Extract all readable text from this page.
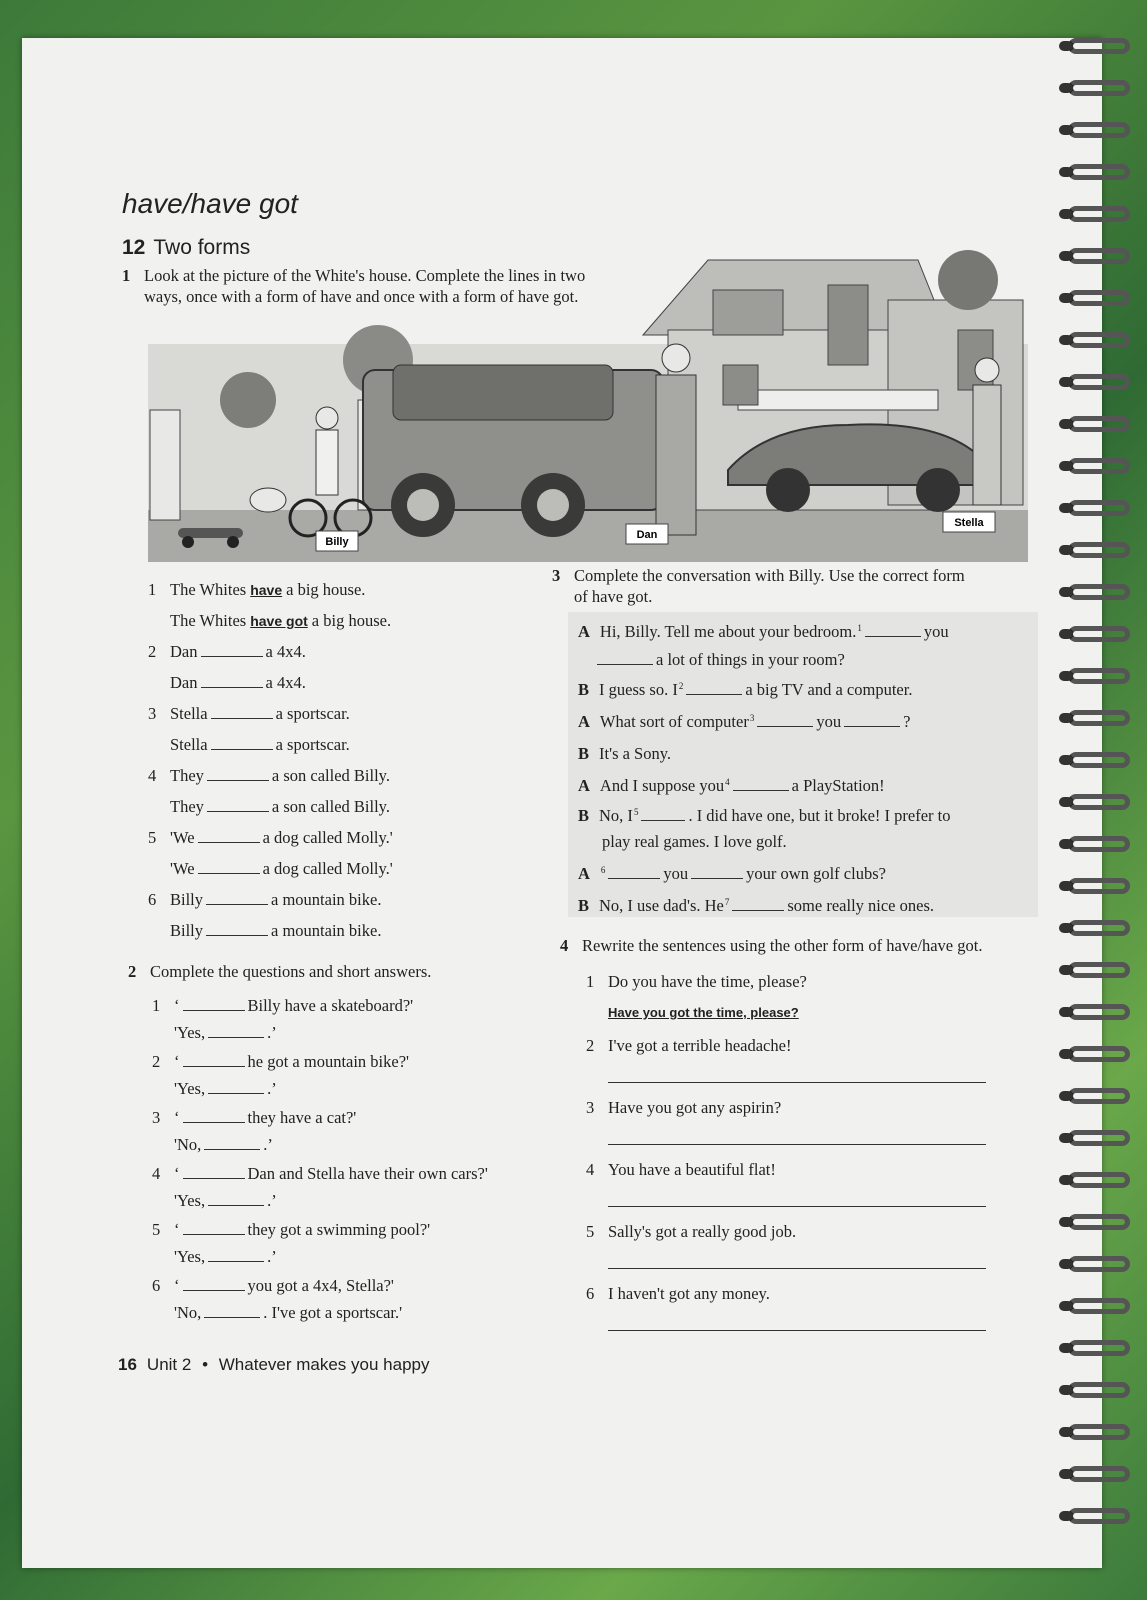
have/have got
12 Two forms
1 Look at the picture of the White's house. Complete the lines in two
ways, once with a form of have and once with a form of have got.
Billy
Dan
Stella
1 The Whites have a big house.
The Whites have got a big house.
2 Dan	a 4x4.
Dan	a 4x4.
3 Stella	a sportscar.
Stella	a sportscar.
4 They	a son called Billy.
They	a son called Billy.
5 'We	a dog called Molly.'
'We	a dog called Molly.'
6 Billy	a mountain bike.
Billy	a mountain bike.
2 Complete the questions and short answers.
1 ‘	Billy have a skateboard?'
'Yes,	.’
2 ‘	he got a mountain bike?'
'Yes,	.’
3 ‘	they have a cat?'
'No,	.’
4 ‘	Dan and Stella have their own cars?'
'Yes,	.’
5 ‘	they got a swimming pool?'
'Yes,	.’
6 ‘	you got a 4x4, Stella?'
'No,	. I've got a sportscar.'
3 Complete the conversation with Billy. Use the correct form
of have got.
A Hi, Billy. Tell me about your bedroom.$^1$	you
a lot of things in your room?
B I guess so. $I^2$	a big TV and a computer.
A What sort of computer$^3$	you	?
B It's a Sony.
A And I suppose you$^4$	a PlayStation!
B No, $I^5$	. I did have one, but it broke! I prefer to
play real games. I love golf.
A $^6$	you	your own golf clubs?
B No, I use dad's. He$^7$	some really nice ones.
4 Rewrite the sentences using the other form of have/have got.
1 Do you have the time, please?
Have you got the time, please?
2 I've got a terrible headache!
3 Have you got any aspirin?
4 You have a beautiful flat!
5 Sally's got a really good job.
6 I haven't got any money.
16 Unit 2 • Whatever makes you happy
